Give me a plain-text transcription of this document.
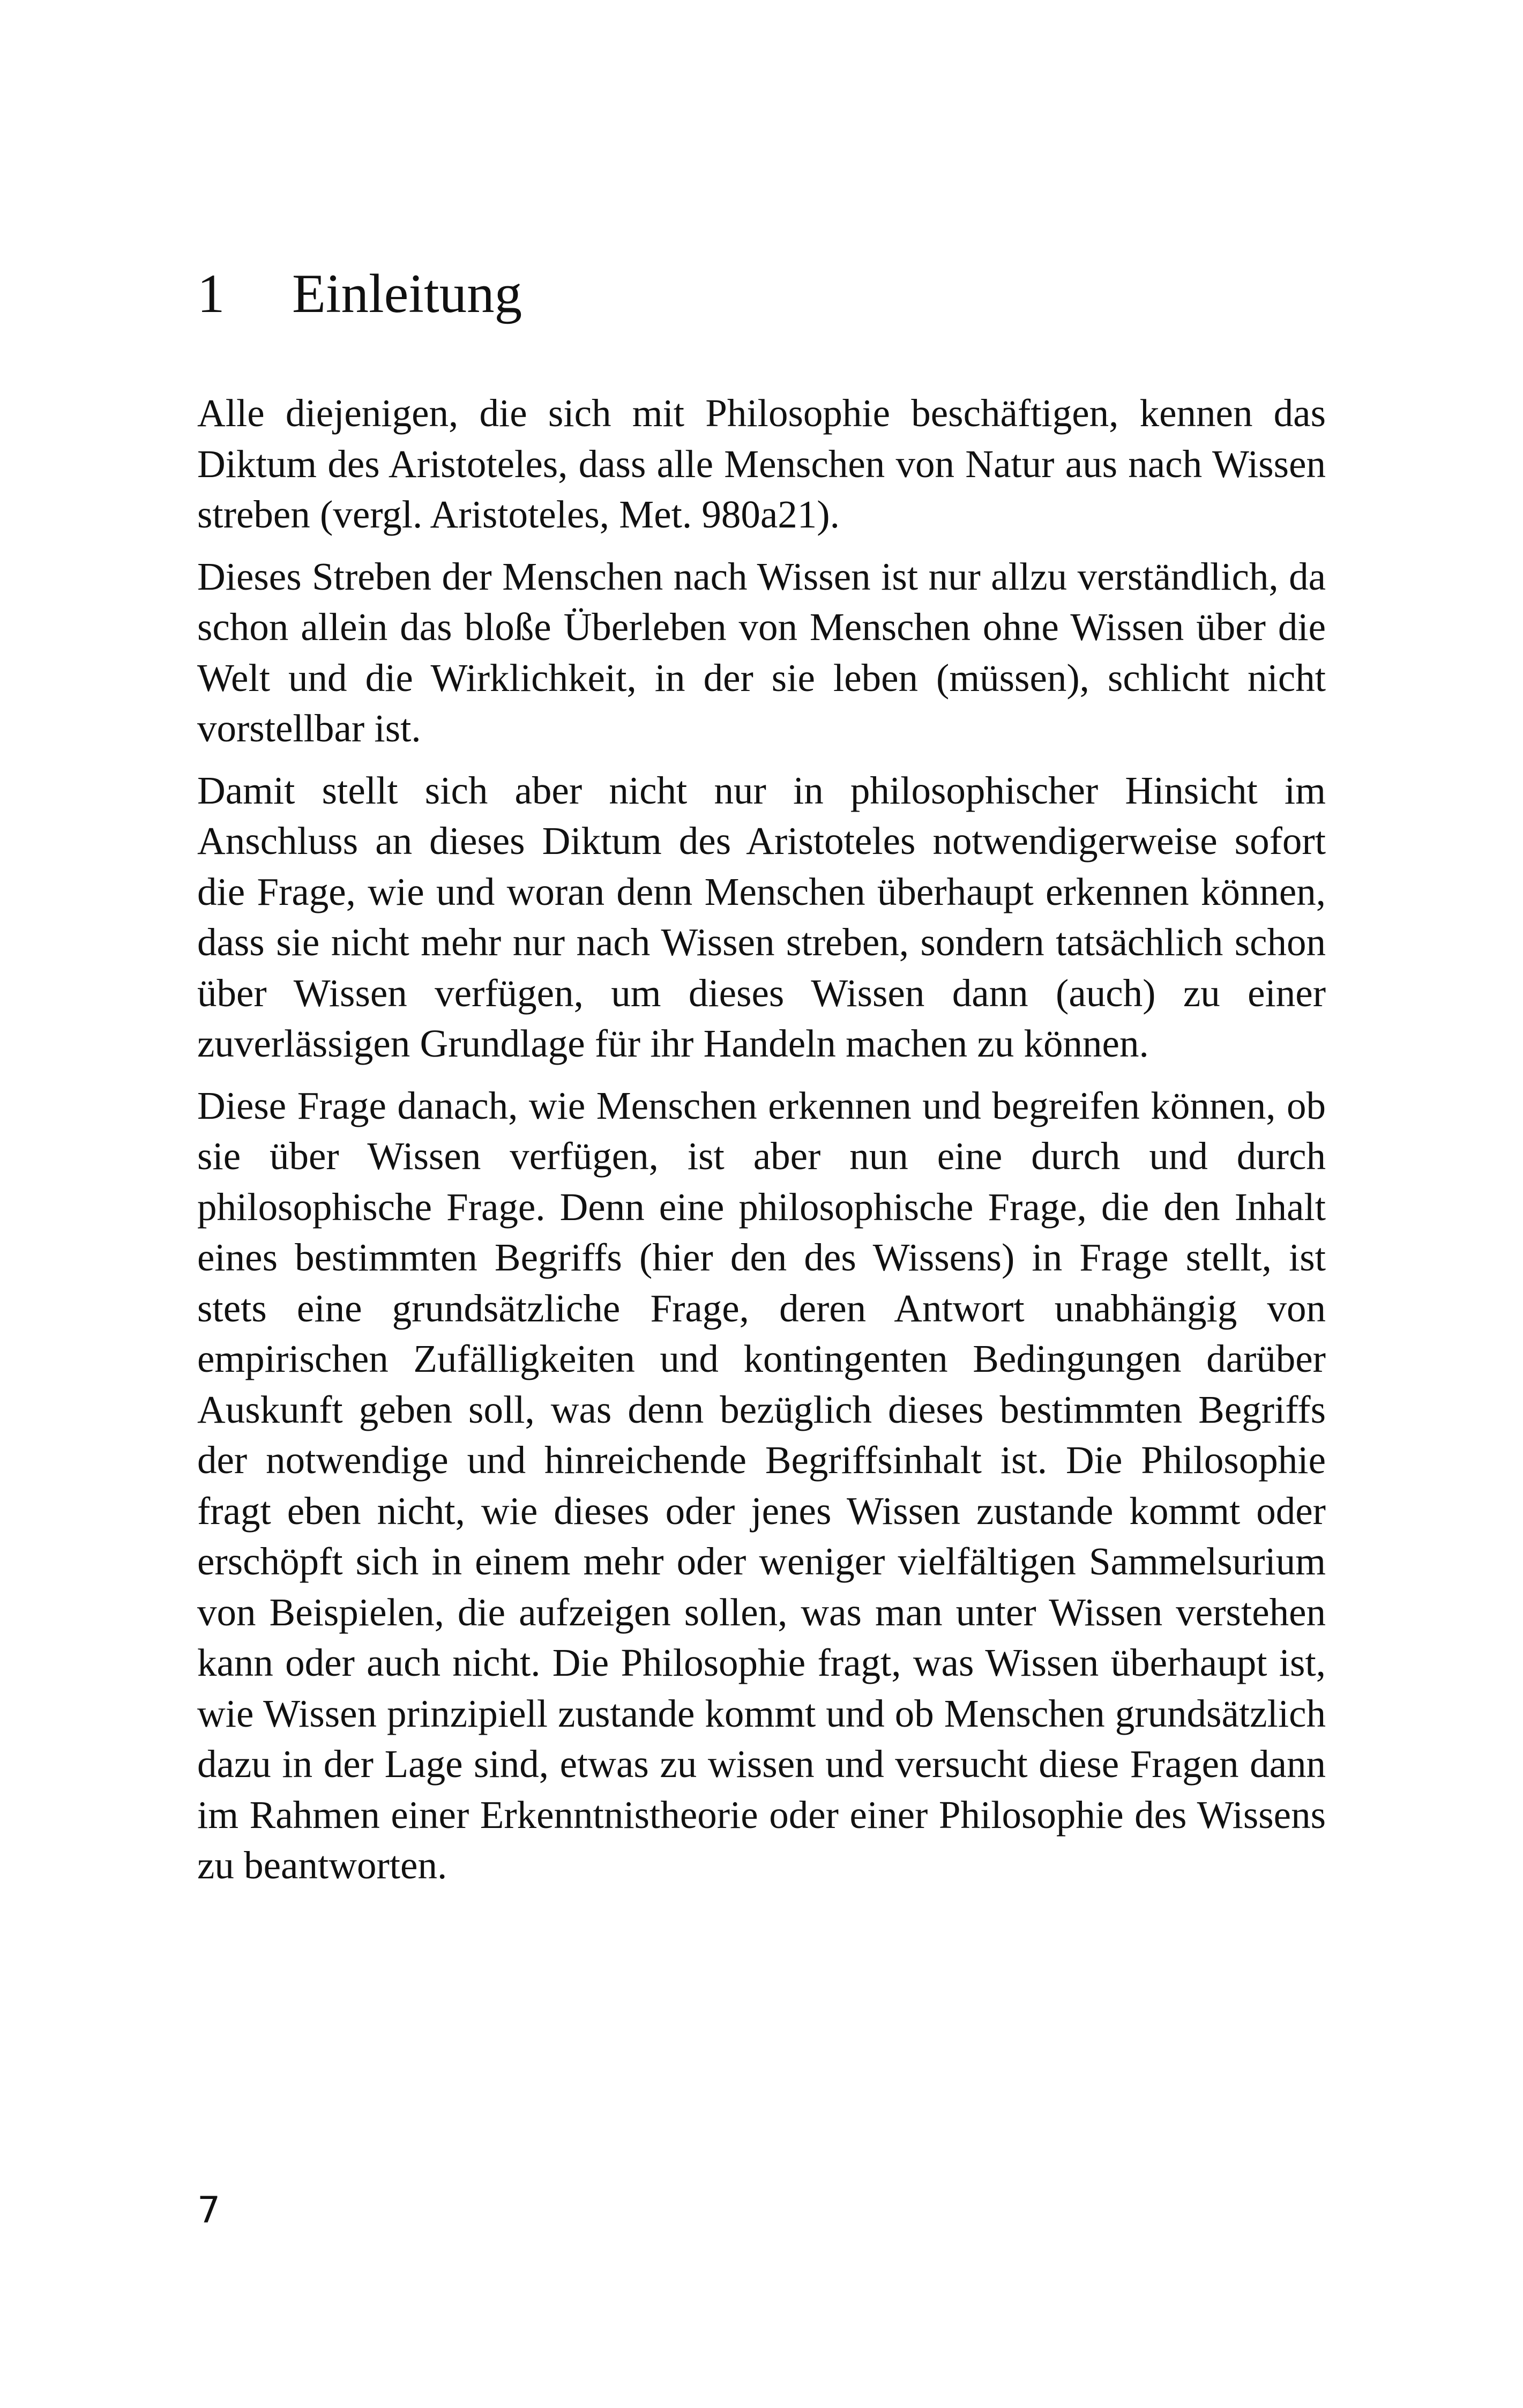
1 Einleitung

Alle diejenigen, die sich mit Philosophie beschäftigen, kennen das Diktum des Aristoteles, dass alle Menschen von Natur aus nach Wissen streben (vergl. Aristoteles, Met. 980a21).

Dieses Streben der Menschen nach Wissen ist nur allzu verständlich, da schon allein das bloße Überleben von Menschen ohne Wissen über die Welt und die Wirklichkeit, in der sie leben (müssen), schlicht nicht vorstellbar ist.

Damit stellt sich aber nicht nur in philosophischer Hinsicht im Anschluss an dieses Diktum des Aristoteles notwendigerweise sofort die Frage, wie und woran denn Menschen überhaupt erkennen können, dass sie nicht mehr nur nach Wissen streben, sondern tatsächlich schon über Wissen verfügen, um dieses Wissen dann (auch) zu einer zuverlässigen Grundlage für ihr Handeln machen zu können.

Diese Frage danach, wie Menschen erkennen und begreifen können, ob sie über Wissen verfügen, ist aber nun eine durch und durch philosophische Frage. Denn eine philosophische Frage, die den Inhalt eines bestimmten Begriffs (hier den des Wissens) in Frage stellt, ist stets eine grundsätzliche Frage, deren Antwort unabhängig von empirischen Zufälligkeiten und kontingenten Bedingungen darüber Auskunft geben soll, was denn bezüglich dieses bestimmten Begriffs der notwendige und hinreichende Begriffsinhalt ist. Die Philosophie fragt eben nicht, wie dieses oder jenes Wissen zustande kommt oder erschöpft sich in einem mehr oder weniger vielfältigen Sammelsurium von Beispielen, die aufzeigen sollen, was man unter Wissen verstehen kann oder auch nicht. Die Philosophie fragt, was Wissen überhaupt ist, wie Wissen prinzipiell zustande kommt und ob Menschen grundsätzlich dazu in der Lage sind, etwas zu wissen und versucht diese Fragen dann im Rahmen einer Erkenntnistheorie oder einer Philosophie des Wissens zu beantworten.

7
